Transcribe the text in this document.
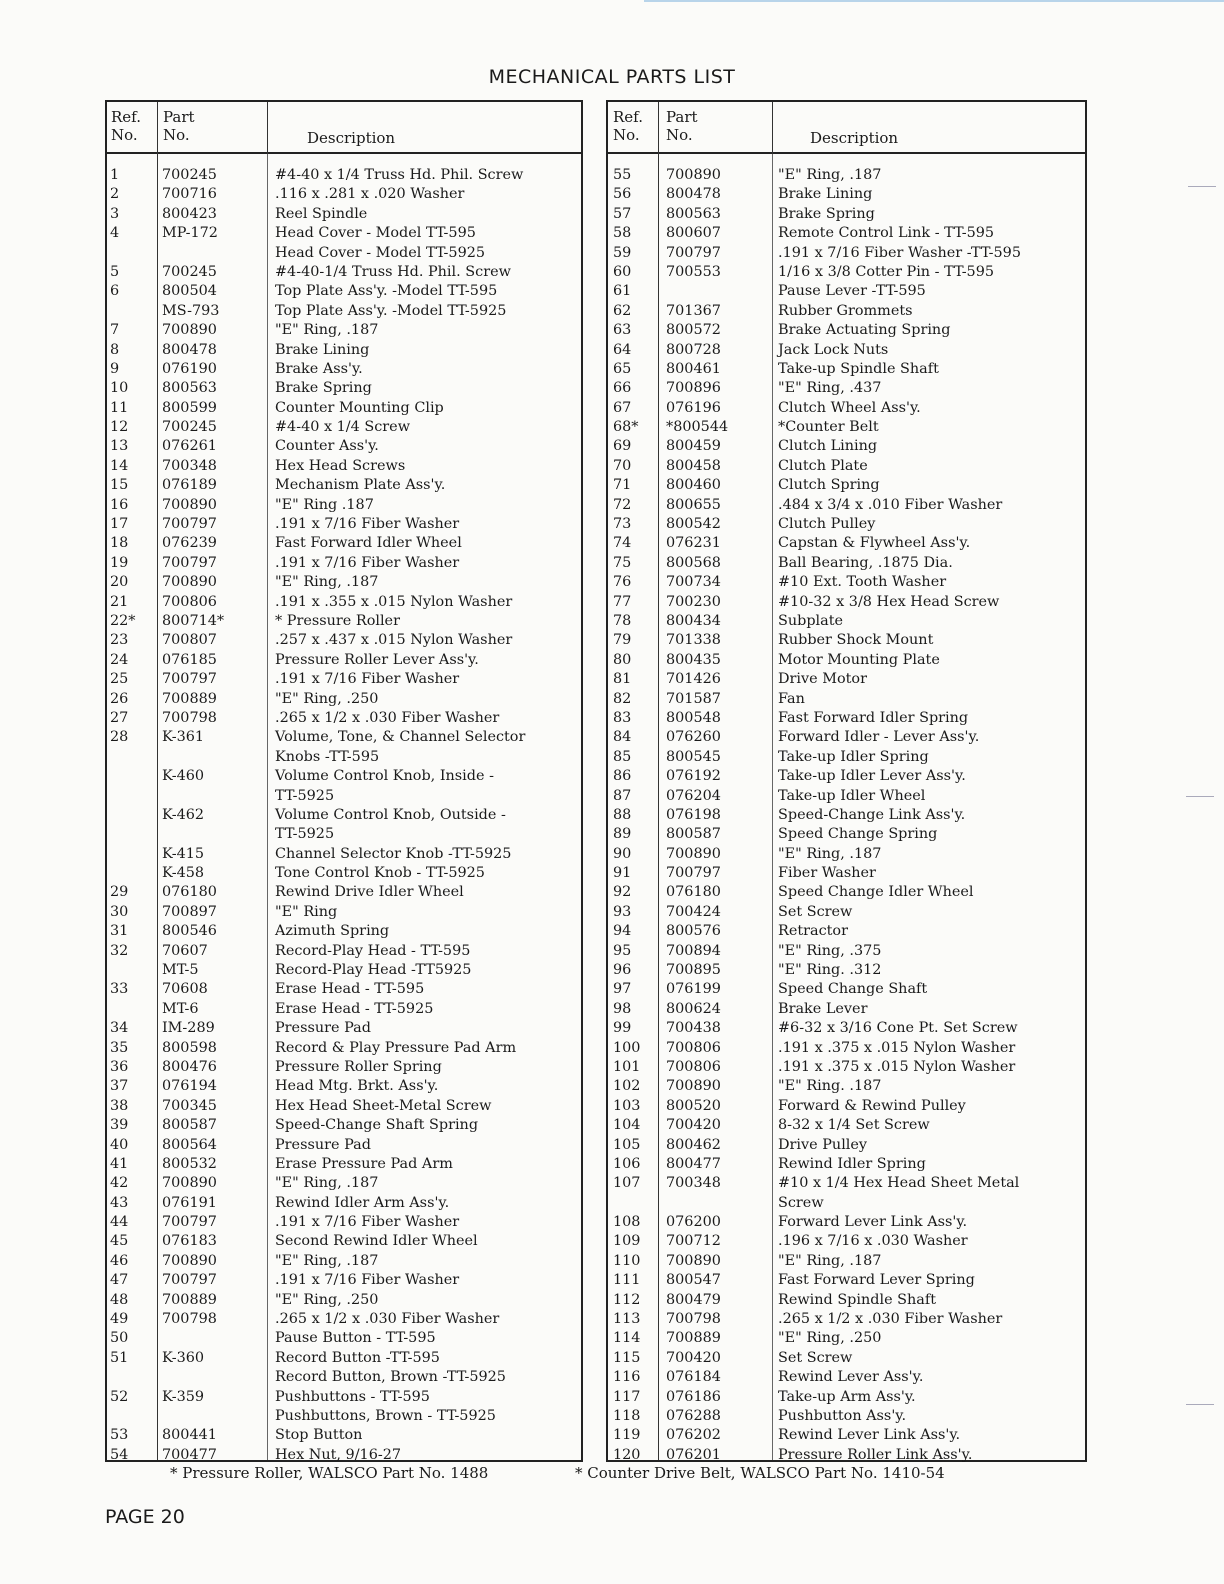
MECHANICAL PARTS LIST
Ref.
No.
Part
No.	Description
1	700245	#4-40 x 1/4 Truss Hd. Phil. Screw
2	700716	.116 x .281 x .020 Washer
3	800423	Reel Spindle
4	MP-172	Head Cover - Model TT-595
Head Cover - Model TT-5925
5	700245	#4-40-1/4 Truss Hd. Phil. Screw
6	800504	Top Plate Ass'y. -Model TT-595
MS-793	Top Plate Ass'y. -Model TT-5925
7	700890	"E" Ring, .187
8	800478	Brake Lining
9	076190	Brake Ass'y.
10 800563	Brake Spring
11 800599	Counter Mounting Clip
12 700245	#4-40 x 1/4 Screw
13 076261	Counter Ass'y.
14 700348	Hex Head Screws
15 076189	Mechanism Plate Ass'y.
16 700890	"E" Ring .187
17 700797	.191 x 7/16 Fiber Washer
18 076239	Fast Forward Idler Wheel
19 700797	.191 x 7/16 Fiber Washer
20 700890	"E" Ring, .187
21 700806	.191 x .355 x .015 Nylon Washer
22* 800714*	* Pressure Roller
23 700807	.257 x .437 x .015 Nylon Washer
24 076185	Pressure Roller Lever Ass'y.
25 700797	.191 x 7/16 Fiber Washer
26 700889	"E" Ring, .250
27 700798	.265 x 1/2 x .030 Fiber Washer
28 K-361	Volume, Tone, & Channel Selector
Knobs -TT-595
K-460	Volume Control Knob, Inside -
TT-5925
K-462	Volume Control Knob, Outside -
TT-5925
K-415	Channel Selector Knob -TT-5925
K-458	Tone Control Knob - TT-5925
29 076180	Rewind Drive Idler Wheel
30 700897	"E" Ring
31 800546	Azimuth Spring
32 70607	Record-Play Head - TT-595
MT-5	Record-Play Head -TT5925
33 70608	Erase Head - TT-595
MT-6	Erase Head - TT-5925
34 IM-289	Pressure Pad
35 800598	Record & Play Pressure Pad Arm
36 800476	Pressure Roller Spring
37 076194	Head Mtg. Brkt. Ass'y.
38 700345	Hex Head Sheet-Metal Screw
39 800587	Speed-Change Shaft Spring
40 800564	Pressure Pad
41 800532	Erase Pressure Pad Arm
42 700890	"E" Ring, .187
43 076191	Rewind Idler Arm Ass'y.
44 700797	.191 x 7/16 Fiber Washer
45 076183	Second Rewind Idler Wheel
46 700890	"E" Ring, .187
47 700797	.191 x 7/16 Fiber Washer
48 700889	"E" Ring, .250
49 700798	.265 x 1/2 x .030 Fiber Washer
50	Pause Button - TT-595
51 K-360	Record Button -TT-595
Record Button, Brown -TT-5925
52 K-359	Pushbuttons - TT-595
Pushbuttons, Brown - TT-5925
53 800441	Stop Button
54 700477	Hex Nut, 9/16-27
Ref.
No.
Part
No.	Description
55 700890	"E" Ring, .187
56 800478	Brake Lining
57 800563	Brake Spring
58 800607	Remote Control Link - TT-595
59 700797	.191 x 7/16 Fiber Washer -TT-595
60 700553	1/16 x 3/8 Cotter Pin - TT-595
61	Pause Lever -TT-595
62 701367	Rubber Grommets
63 800572	Brake Actuating Spring
64 800728	Jack Lock Nuts
65 800461	Take-up Spindle Shaft
66 700896	"E" Ring, .437
67 076196	Clutch Wheel Ass'y.
68* *800544	*Counter Belt
69 800459	Clutch Lining
70 800458	Clutch Plate
71 800460	Clutch Spring
72 800655	.484 x 3/4 x .010 Fiber Washer
73 800542	Clutch Pulley
74 076231	Capstan & Flywheel Ass'y.
75 800568	Ball Bearing, .1875 Dia.
76 700734	#10 Ext. Tooth Washer
77 700230	#10-32 x 3/8 Hex Head Screw
78 800434	Subplate
79 701338	Rubber Shock Mount
80 800435	Motor Mounting Plate
81 701426	Drive Motor
82 701587	Fan
83 800548	Fast Forward Idler Spring
84 076260	Forward Idler - Lever Ass'y.
85 800545	Take-up Idler Spring
86 076192	Take-up Idler Lever Ass'y.
87 076204	Take-up Idler Wheel
88 076198	Speed-Change Link Ass'y.
89 800587	Speed Change Spring
90 700890	"E" Ring, .187
91 700797	Fiber Washer
92 076180	Speed Change Idler Wheel
93 700424	Set Screw
94 800576	Retractor
95 700894	"E" Ring, .375
96 700895	"E" Ring. .312
97 076199	Speed Change Shaft
98 800624	Brake Lever
99 700438	#6-32 x 3/16 Cone Pt. Set Screw
100 700806	.191 x .375 x .015 Nylon Washer
101 700806	.191 x .375 x .015 Nylon Washer
102 700890	"E" Ring. .187
103 800520	Forward & Rewind Pulley
104 700420	8-32 x 1/4 Set Screw
105 800462	Drive Pulley
106 800477	Rewind Idler Spring
107 700348	#10 x 1/4 Hex Head Sheet Metal
Screw
108 076200	Forward Lever Link Ass'y.
109 700712	.196 x 7/16 x .030 Washer
110 700890	"E" Ring, .187
111 800547	Fast Forward Lever Spring
112 800479	Rewind Spindle Shaft
113 700798	.265 x 1/2 x .030 Fiber Washer
114 700889	"E" Ring, .250
115 700420	Set Screw
116 076184	Rewind Lever Ass'y.
117 076186	Take-up Arm Ass'y.
118 076288	Pushbutton Ass'y.
119 076202	Rewind Lever Link Ass'y.
120 076201	Pressure Roller Link Ass'y.
* Pressure Roller, WALSCO Part No. 1488	* Counter Drive Belt, WALSCO Part No. 1410-54
PAGE 20
